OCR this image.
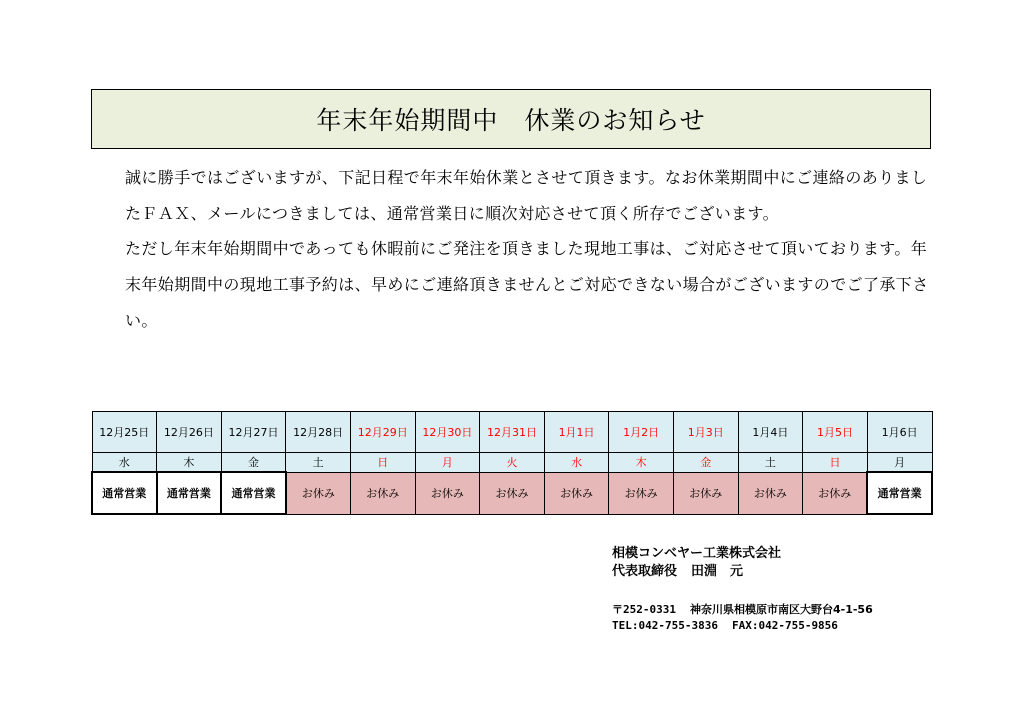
年末年始期間中　休業のお知らせ

誠に勝手ではございますが、下記日程で年末年始休業とさせて頂きます。なお休業期間中にご連絡のありましたＦＡＸ、メールにつきましては、通常営業日に順次対応させて頂く所存でございます。

ただし年末年始期間中であっても休暇前にご発注を頂きました現地工事は、ご対応させて頂いております。年末年始期間中の現地工事予約は、早めにご連絡頂きませんとご対応できない場合がございますのでご了承下さい。

12月25日	12月26日	12月27日	12月28日	12月29日	12月30日	12月31日	1月1日	1月2日	1月3日	1月4日	1月5日	1月6日
水	木	金	土	日	月	火	水	木	金	土	日	月
通常営業	通常営業	通常営業	お休み	お休み	お休み	お休み	お休み	お休み	お休み	お休み	お休み	通常営業
相模コンベヤー工業株式会社
代表取締役 田淵　元
〒252-0331 神奈川県相模原市南区大野台4-1-56
TEL:042-755-3836 FAX:042-755-9856
